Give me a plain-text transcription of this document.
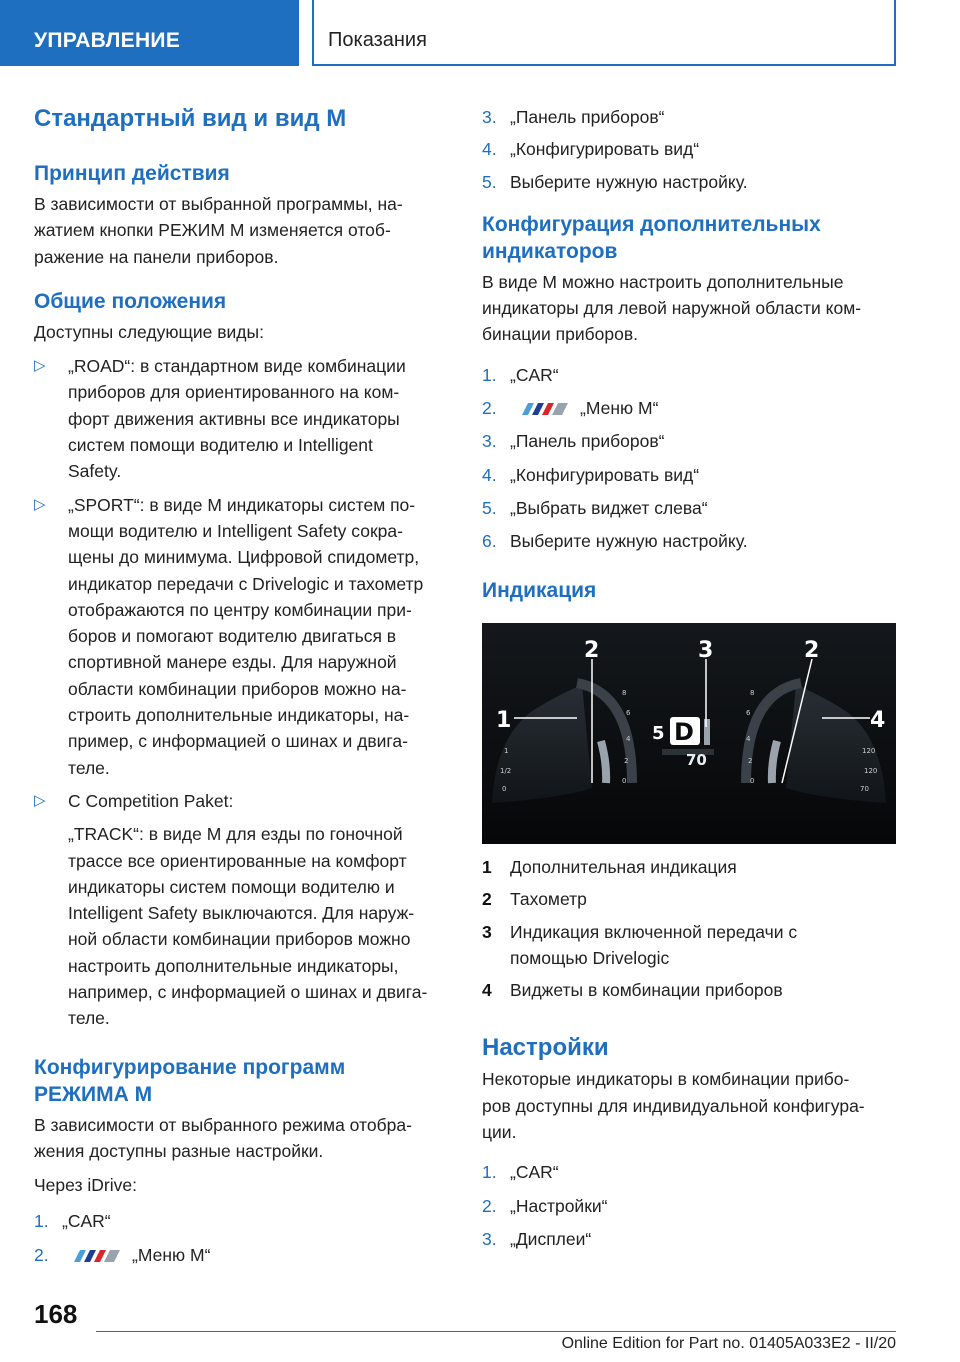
УПРАВЛЕНИЕ	Показания
Стандартный вид и вид М
Принцип действия
В зависимости от выбранной программы, на-
жатием кнопки РЕЖИМ М изменяется отоб-
ражение на панели приборов.
Общие положения
Доступны следующие виды:
▷ „ROAD“: в стандартном виде комбинации
приборов для ориентированного на ком-
форт движения активны все индикаторы
систем помощи водителю и Intelligent
Safety.
▷ „SPORT“: в виде М индикаторы систем по-
мощи водителю и Intelligent Safety сокра-
щены до минимума. Цифровой спидометр,
индикатор передачи с Drivelogic и тахометр
отображаются по центру комбинации при-
боров и помогают водителю двигаться в
спортивной манере езды. Для наружной
области комбинации приборов можно на-
строить дополнительные индикаторы, на-
пример, с информацией о шинах и двига-
теле.
▷ С Competition Paket:
„TRACK“: в виде М для езды по гоночной
трассе все ориентированные на комфорт
индикаторы систем помощи водителю и
Intelligent Safety выключаются. Для наруж-
ной области комбинации приборов можно
настроить дополнительные индикаторы,
например, с информацией о шинах и двига-
теле.
Конфигурирование программ
РЕЖИМА М
В зависимости от выбранного режима отобра-
жения доступны разные настройки.
Через iDrive:
1. „CAR“
2.	„Меню М“
3. „Панель приборов“
4. „Конфигурировать вид“
5. Выберите нужную настройку.
Конфигурация дополнительных
индикаторов
В виде М можно настроить дополнительные
индикаторы для левой наружной области ком-
бинации приборов.
1. „CAR“
2.	„Меню М“
3. „Панель приборов“
4. „Конфигурировать вид“
5. „Выбрать виджет слева“
6. Выберите нужную настройку.
Индикация
8
6
4
2
0
8
6
4
2
0
1
1/2
0
120
120
70
5 D
70
1
2	3	2
4
1 Дополнительная индикация
2 Тахометр
3 Индикация включенной передачи с
помощью Drivelogic
4 Виджеты в комбинации приборов
Настройки
Некоторые индикаторы в комбинации прибо-
ров доступны для индивидуальной конфигура-
ции.
1. „CAR“
2. „Настройки“
3. „Дисплеи“
168
Online Edition for Part no. 01405A033E2 - II/20
